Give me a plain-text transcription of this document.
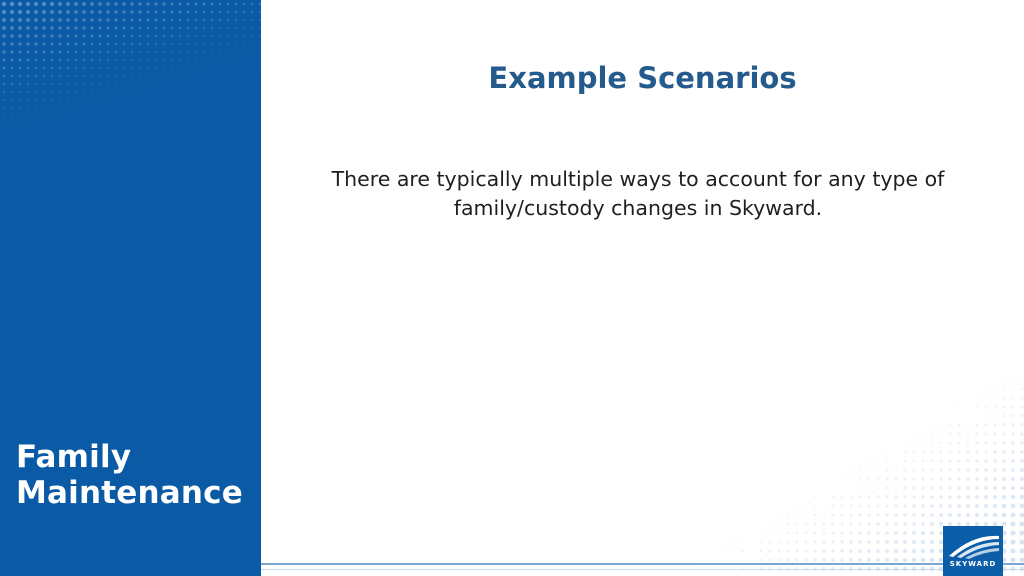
Family
Maintenance
Example Scenarios

There are typically multiple ways to account for any type of family/custody changes in Skyward.

SKYWARD
